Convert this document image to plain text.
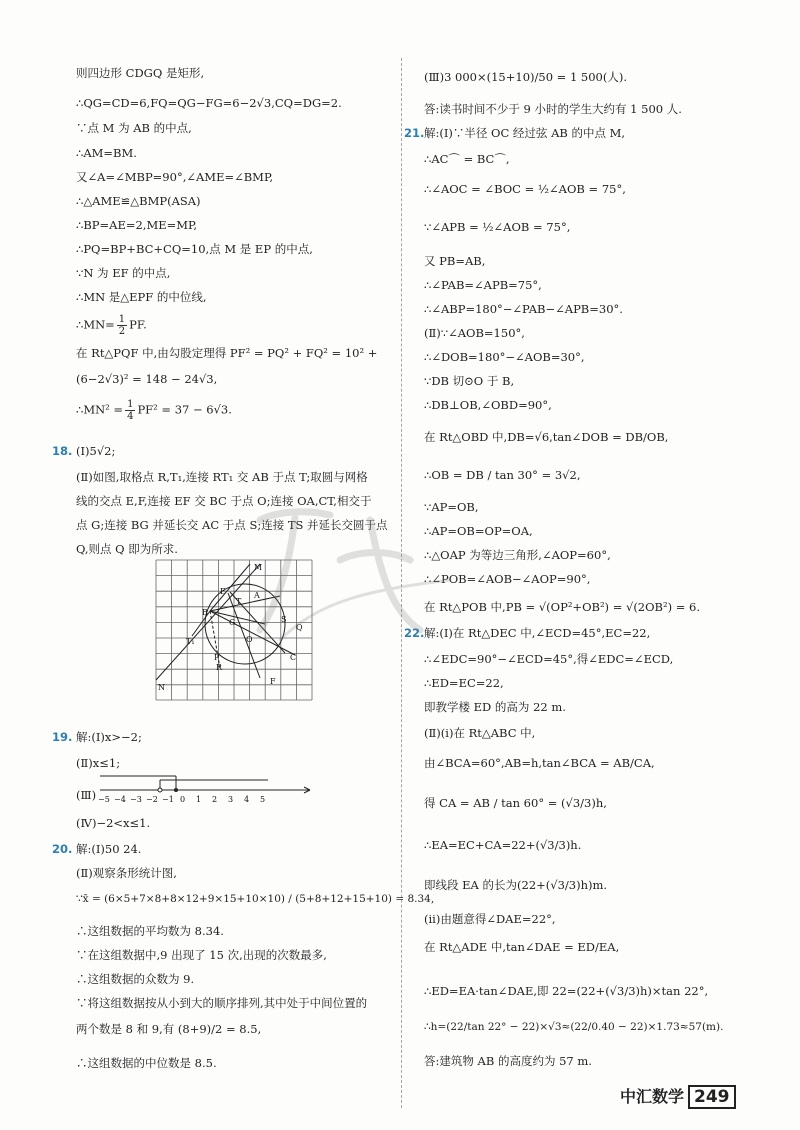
则四边形 CDGQ 是矩形,
∴QG=CD=6,FQ=QG−FG=6−2√3,CQ=DG=2.
∵点 M 为 AB 的中点,
∴AM=BM.
又∠A=∠MBP=90°,∠AME=∠BMP,
∴△AME≌△BMP(ASA)
∴BP=AE=2,ME=MP,
∴PQ=BP+BC+CQ=10,点 M 是 EP 的中点,
∵N 为 EF 的中点,
∴MN 是△EPF 的中位线,
∴MN= $\frac{1}{2}$ PF.
在 Rt△PQF 中,由勾股定理得 PF² = PQ² + FQ² = 10² +
(6−2√3)² = 148 − 24√3,
∴MN² = $\frac{1}{4} PF^2 = 37 - 6√3$.
18. (Ⅰ)5√2;
(Ⅱ)如图,取格点 R,T₁,连接 RT₁ 交 AB 于点 T;取圆与网格
线的交点 E,F,连接 EF 交 BC 于点 O;连接 OA,CT,相交于
点 G;连接 BG 并延长交 AC 于点 S;连接 TS 并延长交圆于点
Q,则点 Q 即为所求.
M
E	A
T
B
G	S
Q
O
T₁
R
P	C
F
N
19. 解:(Ⅰ)x>−2;
(Ⅱ)x≤1;
(Ⅲ) −5 −4 −3 −2 −1 0 1 2 3 4 5
(Ⅳ)−2<x≤1.
20. 解:(Ⅰ)50 24.
(Ⅱ)观察条形统计图,
∵x̄ = (6×5+7×8+8×12+9×15+10×10) / (5+8+12+15+10) = 8.34,
∴这组数据的平均数为 8.34.
∵在这组数据中,9 出现了 15 次,出现的次数最多,
∴这组数据的众数为 9.
∵将这组数据按从小到大的顺序排列,其中处于中间位置的
两个数是 8 和 9,有 (8+9)/2 = 8.5,
∴这组数据的中位数是 8.5.
(Ⅲ)3 000×(15+10)/50 = 1 500(人).
答:读书时间不少于 9 小时的学生大约有 1 500 人.
21. 解:(Ⅰ)∵半径 OC 经过弦 AB 的中点 M,
∴AC⌒ = BC⌒,
∴∠AOC = ∠BOC = ½∠AOB = 75°,
∵∠APB = ½∠AOB = 75°,
又 PB=AB,
∴∠PAB=∠APB=75°,
∴∠ABP=180°−∠PAB−∠APB=30°.
(Ⅱ)∵∠AOB=150°,
∴∠DOB=180°−∠AOB=30°,
∵DB 切⊙O 于 B,
∴DB⊥OB,∠OBD=90°,
在 Rt△OBD 中,DB=√6,tan∠DOB = DB/OB,
∴OB = DB / tan 30° = 3√2,
∵AP=OB,
∴AP=OB=OP=OA,
∴△OAP 为等边三角形,∠AOP=60°,
∴∠POB=∠AOB−∠AOP=90°,
在 Rt△POB 中,PB = √(OP²+OB²) = √(2OB²) = 6.
22. 解:(Ⅰ)在 Rt△DEC 中,∠ECD=45°,EC=22,
∴∠EDC=90°−∠ECD=45°,得∠EDC=∠ECD,
∴ED=EC=22,
即教学楼 ED 的高为 22 m.
(Ⅱ)(i)在 Rt△ABC 中,
由∠BCA=60°,AB=h,tan∠BCA = AB/CA,
得 CA = AB / tan 60° = (√3/3)h,
∴EA=EC+CA=22+(√3/3)h.
即线段 EA 的长为(22+(√3/3)h)m.
(ii)由题意得∠DAE=22°,
在 Rt△ADE 中,tan∠DAE = ED/EA,
∴ED=EA·tan∠DAE,即 22=(22+(√3/3)h)×tan 22°,
∴h=(22/tan 22° − 22)×√3≈(22/0.40 − 22)×1.73≈57(m).
答:建筑物 AB 的高度约为 57 m.
中汇数学 249
